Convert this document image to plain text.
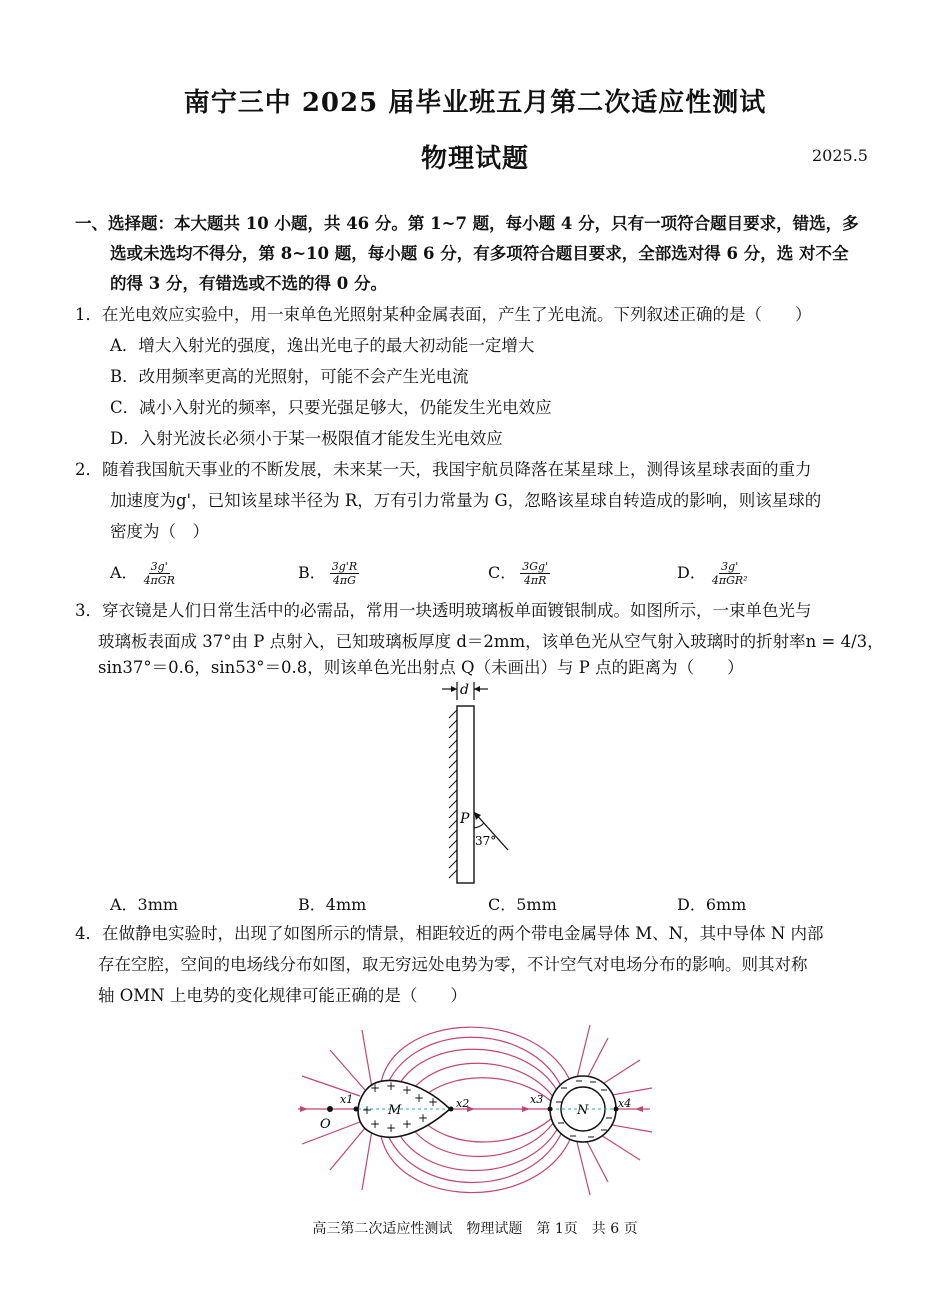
南宁三中 2025 届毕业班五月第二次适应性测试
物理试题	2025.5
一、选择题：本大题共 10 小题，共 46 分。第 1~7 题，每小题 4 分，只有一项符合题目要求，错选，多
选或未选均不得分，第 8~10 题，每小题 6 分，有多项符合题目要求，全部选对得 6 分，选 对不全
的得 3 分，有错选或不选的得 0 分。
1．在光电效应实验中，用一束单色光照射某种金属表面，产生了光电流。下列叙述正确的是（　　）
A．增大入射光的强度，逸出光电子的最大初动能一定增大
B．改用频率更高的光照射，可能不会产生光电流
C．减小入射光的频率，只要光强足够大，仍能发生光电效应
D．入射光波长必须小于某一极限值才能发生光电效应
2．随着我国航天事业的不断发展，未来某一天，我国宇航员降落在某星球上，测得该星球表面的重力
加速度为g'，已知该星球半径为 R，万有引力常量为 G，忽略该星球自转造成的影响，则该星球的
密度为（　）
A． $\frac{3g'}{\text{4πGR}}$	B． $\frac{3g'R}{4\pi G}$	C． $\frac{3Gg'}{4\pi R}$	D． $\frac{3g'}{\text{4πGR²}}$
3．穿衣镜是人们日常生活中的必需品，常用一块透明玻璃板单面镀银制成。如图所示，一束单色光与
玻璃板表面成 37°由 P 点射入，已知玻璃板厚度 d＝2mm，该单色光从空气射入玻璃时的折射率n = 4/3，
sin37°＝0.6，sin53°＝0.8，则该单色光出射点 Q（未画出）与 P 点的距离为（　　）
d
P
37°
A．3mm	B．4mm	C．5mm	D．6mm
4．在做静电实验时，出现了如图所示的情景，相距较近的两个带电金属导体 M、N，其中导体 N 内部
存在空腔，空间的电场线分布如图，取无穷远处电势为零，不计空气对电场分布的影响。则其对称
轴 OMN 上电势的变化规律可能正确的是（　　）
+ + +
+ +
+ + + +
+ M	N
O
x1	x2	x3	x4
高三第二次适应性测试　物理试题　第 1页　共 6 页
